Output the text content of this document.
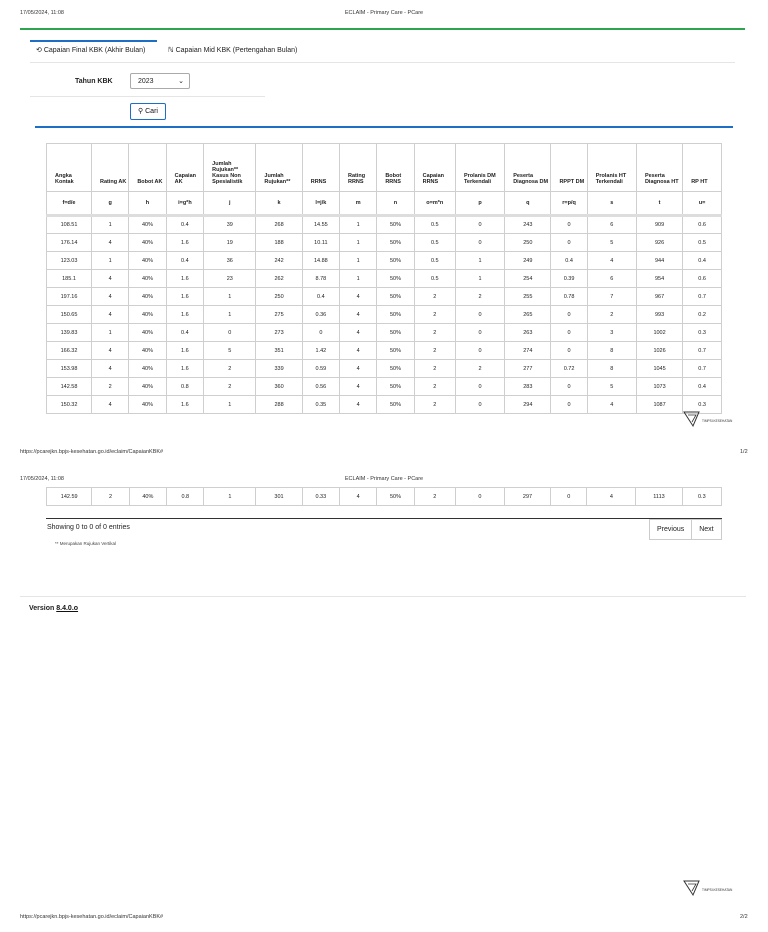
17/05/2024, 11:08	ECLAIM - Primary Care - PCare
⟲ Capaian Final KBK (Akhir Bulan)	ℕ Capaian Mid KBK (Pertengahan Bulan)
Tahun KBK	2023	⌄
⚲ Cari
Angka Kontak	Rating AK	Bobot AK	Capaian AK	Jumlah Rujukan** Kasus Non Spesialistik	Jumlah Rujukan**	RRNS	Rating RRNS	Bobot RRNS	Capaian RRNS	Prolanis DM Terkendali	Peserta Diagnosa DM	RPPT DM	Prolanis HT Terkendali	Peserta Diagnosa HT	RP HT
f=d/e	g	h	i=g*h	j	k	l=j/k	m	n	o=m*n	p	q	r=p/q	s	t	u=
108.51	1	40%	0.4	39	268	14.55	1	50%	0.5	0	243	0	6	909	0.6
176.14	4	40%	1.6	19	188	10.11	1	50%	0.5	0	250	0	5	926	0.5
123.03	1	40%	0.4	36	242	14.88	1	50%	0.5	1	249	0.4	4	944	0.4
185.1	4	40%	1.6	23	262	8.78	1	50%	0.5	1	254	0.39	6	954	0.6
197.16	4	40%	1.6	1	250	0.4	4	50%	2	2	255	0.78	7	967	0.7
150.65	4	40%	1.6	1	275	0.36	4	50%	2	0	265	0	2	993	0.2
139.83	1	40%	0.4	0	273	0	4	50%	2	0	263	0	3	1002	0.3
166.32	4	40%	1.6	5	351	1.42	4	50%	2	0	274	0	8	1026	0.7
153.98	4	40%	1.6	2	339	0.59	4	50%	2	2	277	0.72	8	1045	0.7
142.58	2	40%	0.8	2	360	0.56	4	50%	2	0	283	0	5	1073	0.4
150.32	4	40%	1.6	1	288	0.35	4	50%	2	0	294	0	4	1087	0.3
TIMPSI.KESEHATAN
https://pcarejkn.bpjs-kesehatan.go.id/eclaim/CapaianKBK#	1/2
17/05/2024, 11:08	ECLAIM - Primary Care - PCare
142.59	2	40%	0.8	1	301	0.33	4	50%	2	0	297	0	4	1113	0.3
Showing 0 to 0 of 0 entries	Previous	Next
** Merupakan Rujukan Vertikal
Version 8.4.0.o
TIMPSI.KESEHATAN
https://pcarejkn.bpjs-kesehatan.go.id/eclaim/CapaianKBK#	2/2
